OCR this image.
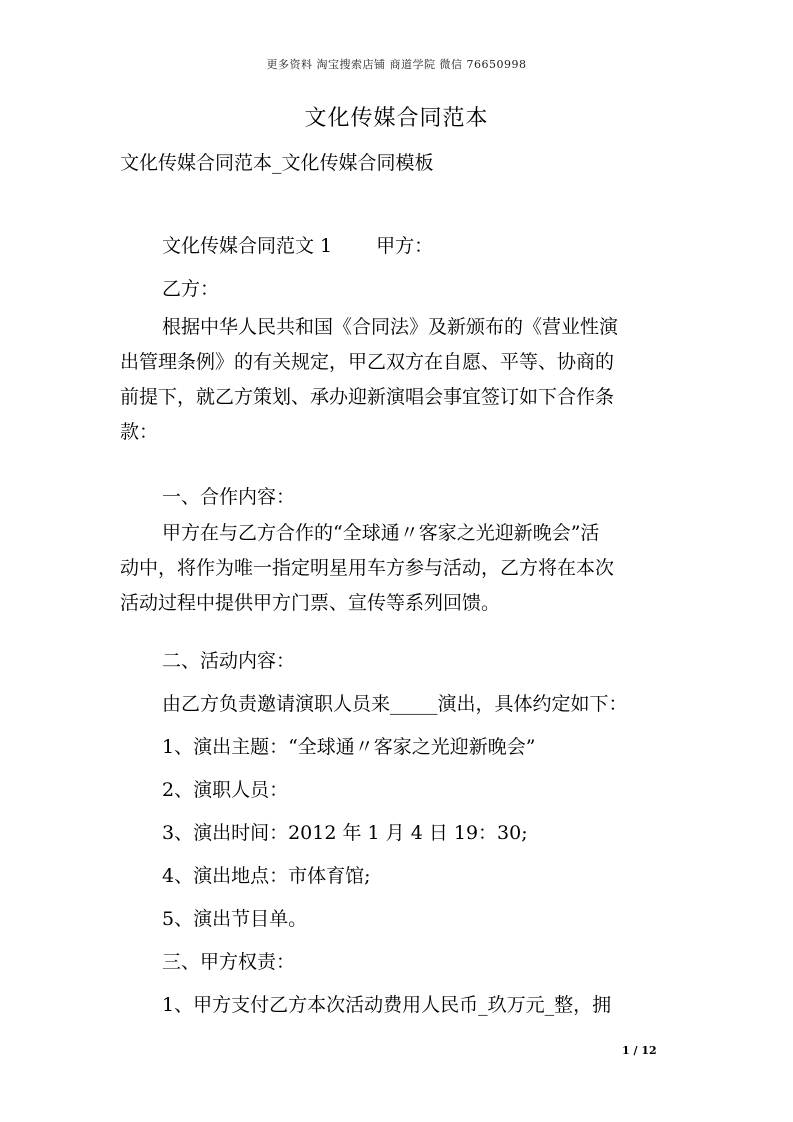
更多资料 淘宝搜索店铺 商道学院 微信 76650998
文化传媒合同范本
文化传媒合同范本_文化传媒合同模板
文化传媒合同范文 1 甲方：
乙方：
根据中华人民共和国《合同法》及新颁布的《营业性演
出管理条例》的有关规定，甲乙双方在自愿、平等、协商的
前提下，就乙方策划、承办迎新演唱会事宜签订如下合作条
款：
一、合作内容：
甲方在与乙方合作的“全球通〃客家之光迎新晚会”活
动中，将作为唯一指定明星用车方参与活动，乙方将在本次
活动过程中提供甲方门票、宣传等系列回馈。
二、活动内容：
由乙方负责邀请演职人员来_____演出，具体约定如下：
1、演出主题：“全球通〃客家之光迎新晚会”
2、演职人员：
3、演出时间：2012 年 1 月 4 日 19：30;
4、演出地点：市体育馆;
5、演出节目单。
三、甲方权责：
1、甲方支付乙方本次活动费用人民币_玖万元_整，拥
1 / 12
